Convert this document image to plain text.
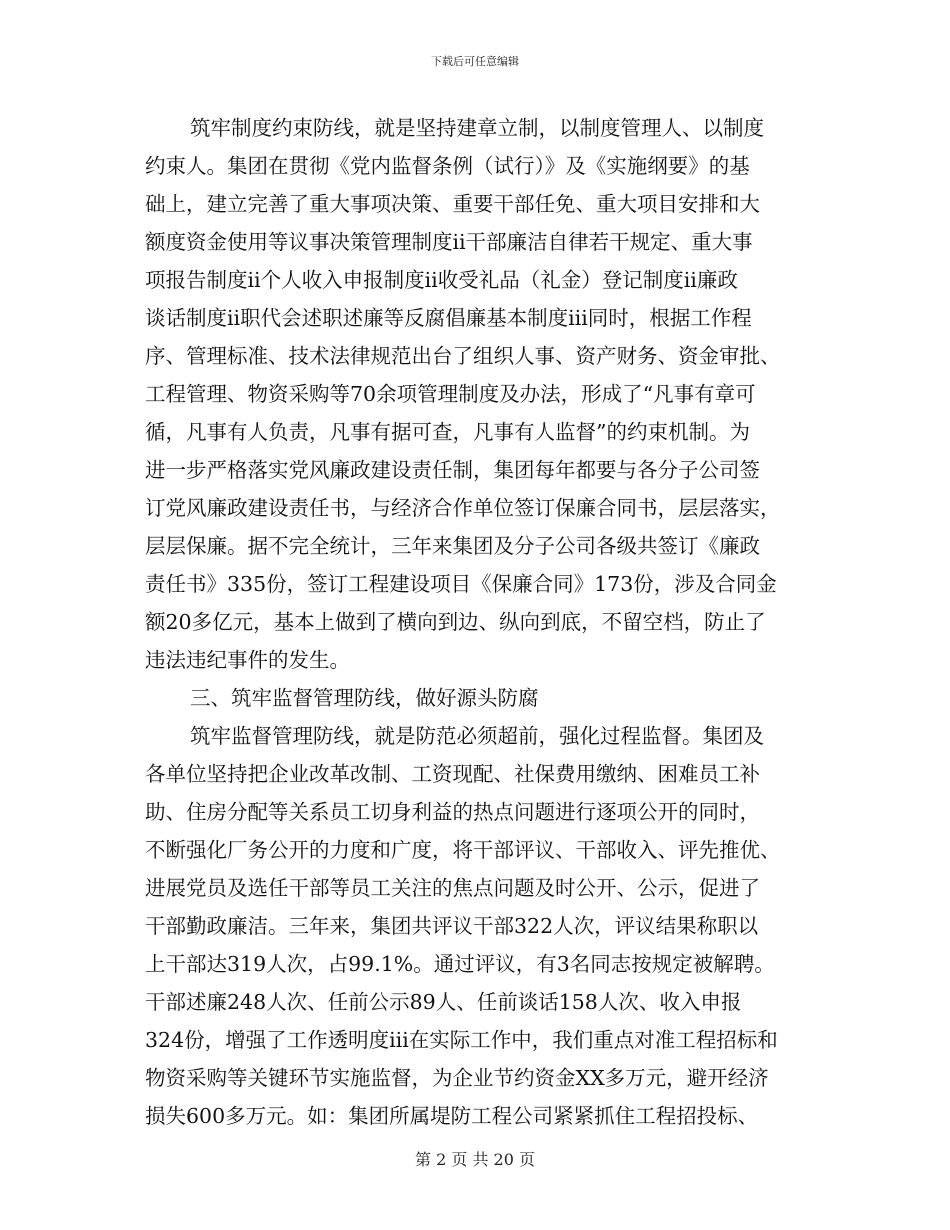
下载后可任意编辑
筑牢制度约束防线，就是坚持建章立制，以制度管理人、以制度
约束人。集团在贯彻《党内监督条例（试行）》及《实施纲要》的基
础上，建立完善了重大事项决策、重要干部任免、重大项目安排和大
额度资金使用等议事决策管理制度ⅱ干部廉洁自律若干规定、重大事
项报告制度ⅱ个人收入申报制度ⅱ收受礼品（礼金）登记制度ⅱ廉政
谈话制度ⅱ职代会述职述廉等反腐倡廉基本制度ⅲ同时，根据工作程
序、管理标准、技术法律规范出台了组织人事、资产财务、资金审批、
工程管理、物资采购等70余项管理制度及办法，形成了“凡事有章可
循，凡事有人负责，凡事有据可查，凡事有人监督”的约束机制。为
进一步严格落实党风廉政建设责任制，集团每年都要与各分子公司签
订党风廉政建设责任书，与经济合作单位签订保廉合同书，层层落实，
层层保廉。据不完全统计，三年来集团及分子公司各级共签订《廉政
责任书》335份，签订工程建设项目《保廉合同》173份，涉及合同金
额20多亿元，基本上做到了横向到边、纵向到底，不留空档，防止了
违法违纪事件的发生。
三、筑牢监督管理防线，做好源头防腐
筑牢监督管理防线，就是防范必须超前，强化过程监督。集团及
各单位坚持把企业改革改制、工资现配、社保费用缴纳、困难员工补
助、住房分配等关系员工切身利益的热点问题进行逐项公开的同时，
不断强化厂务公开的力度和广度，将干部评议、干部收入、评先推优、
进展党员及选任干部等员工关注的焦点问题及时公开、公示，促进了
干部勤政廉洁。三年来，集团共评议干部322人次，评议结果称职以
上干部达319人次，占99.1%。通过评议，有3名同志按规定被解聘。
干部述廉248人次、任前公示89人、任前谈话158人次、收入申报
324份，增强了工作透明度ⅲ在实际工作中，我们重点对准工程招标和
物资采购等关键环节实施监督，为企业节约资金XX多万元，避开经济
损失600多万元。如：集团所属堤防工程公司紧紧抓住工程招投标、
第 2 页 共 20 页
